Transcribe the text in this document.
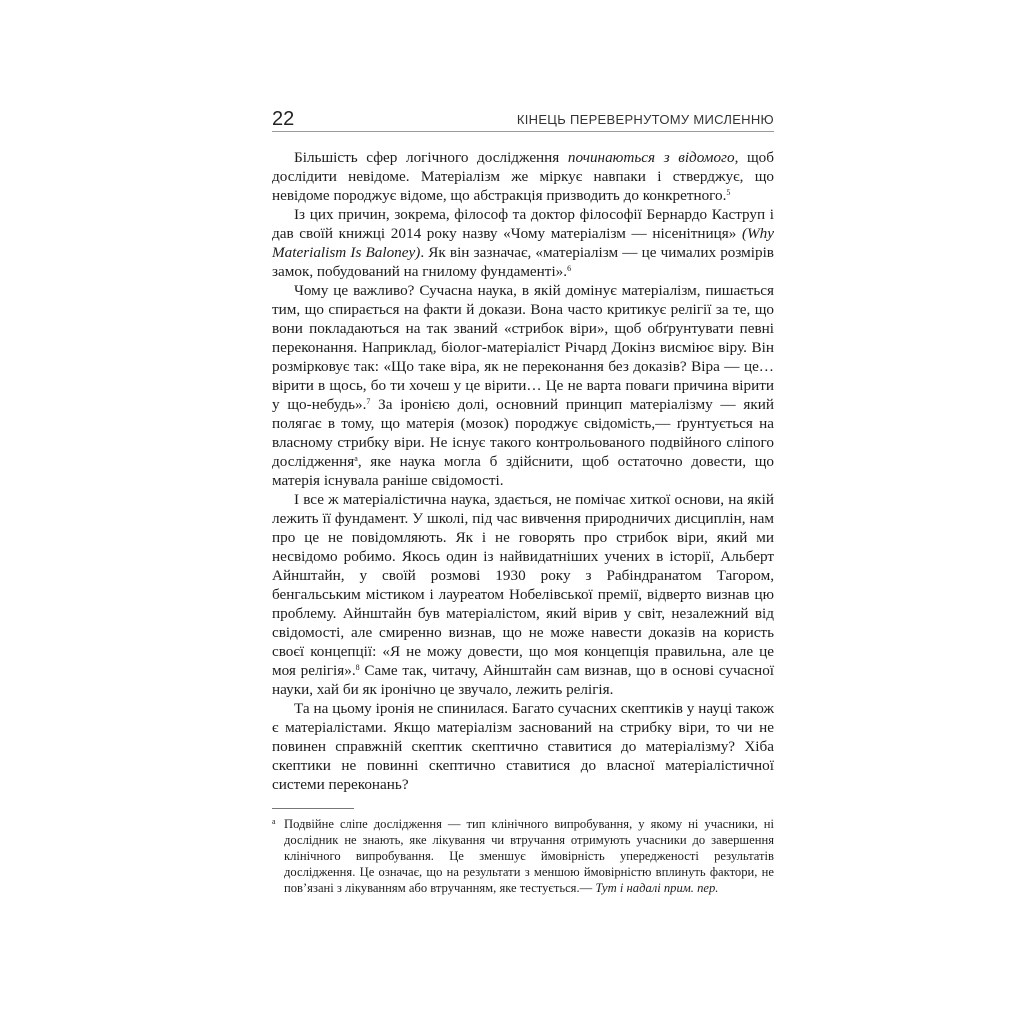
22	КІНЕЦЬ ПЕРЕВЕРНУТОМУ МИСЛЕННЮ

Більшість сфер логічного дослідження починаються з відомого, щоб дослідити невідоме. Матеріалізм же міркує навпаки і стверджує, що невідоме породжує відоме, що абстракція призводить до конкретного.$^5$

Із цих причин, зокрема, філософ та доктор філософії Бернардо Каструп і дав своїй книжці 2014 року назву «Чому матеріалізм — нісенітниця» (Why Materialism Is Baloney). Як він зазначає, «матеріалізм — це чималих розмірів замок, побудований на гнилому фундаменті».$^6$

Чому це важливо? Сучасна наука, в якій домінує матеріалізм, пишається тим, що спирається на факти й докази. Вона часто критикує релігії за те, що вони покладаються на так званий «стрибок віри», щоб обґрунтувати певні переконання. Наприклад, біолог-матеріаліст Річард Докінз висміює віру. Він розмірковує так: «Що таке віра, як не переконання без доказів? Віра — це… вірити в щось, бо ти хочеш у це вірити… Це не варта поваги причина вірити у що-небудь».$^7$ За іронією долі, основний принцип матеріалізму — який полягає в тому, що матерія (мозок) породжує свідомість,— ґрунтується на власному стрибку віри. Не існує такого контрольованого подвійного сліпого дослідження$^a$, яке наука могла б здійснити, щоб остаточно довести, що матерія існувала раніше свідомості.

І все ж матеріалістична наука, здається, не помічає хиткої основи, на якій лежить її фундамент. У школі, під час вивчення природничих дисциплін, нам про це не повідомляють. Як і не говорять про стрибок віри, який ми несвідомо робимо. Якось один із найвидатніших учених в історії, Альберт Айнштайн, у своїй розмові 1930 року з Рабіндранатом Тагором, бенгальським містиком і лауреатом Нобелівської премії, відверто визнав цю проблему. Айнштайн був матеріалістом, який вірив у світ, незалежний від свідомості, але смиренно визнав, що не може навести доказів на користь своєї концепції: «Я не можу довести, що моя концепція правильна, але це моя релігія».$^8$ Саме так, читачу, Айнштайн сам визнав, що в основі сучасної науки, хай би як іронічно це звучало, лежить релігія.

Та на цьому іронія не спинилася. Багато сучасних скептиків у науці також є матеріалістами. Якщо матеріалізм заснований на стрибку віри, то чи не повинен справжній скептик скептично ставитися до матеріалізму? Хіба скептики не повинні скептично ставитися до власної матеріалістичної системи переконань?

a Подвійне сліпе дослідження — тип клінічного випробування, у якому ні учасники, ні дослідник не знають, яке лікування чи втручання отримують учасники до завершення клінічного випробування. Це зменшує ймовірність упередженості результатів дослідження. Це означає, що на результати з меншою ймовірністю вплинуть фактори, не пов’язані з лікуванням або втручанням, яке тестується.— Тут і надалі прим. пер.
